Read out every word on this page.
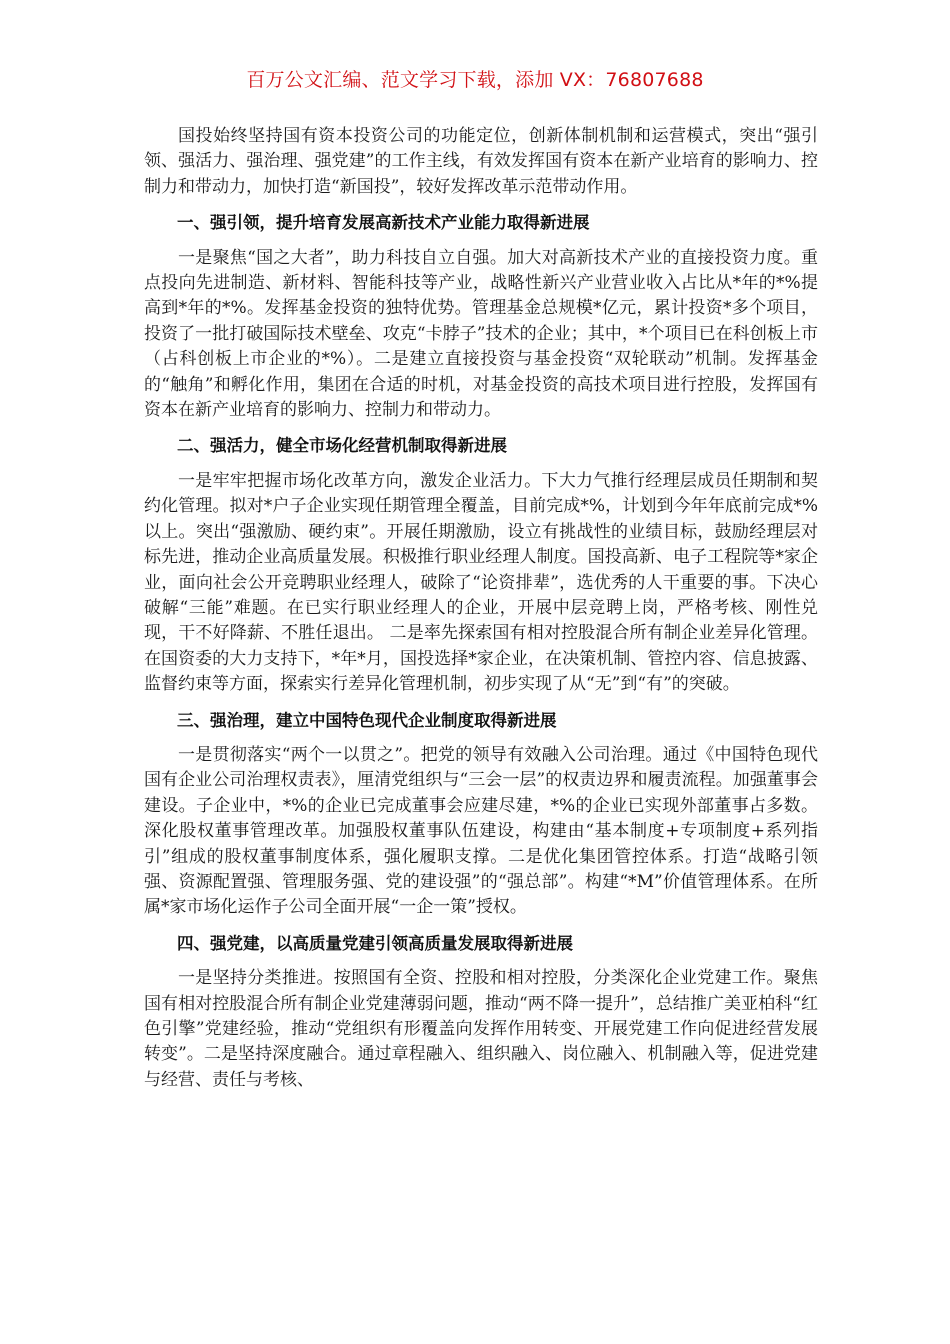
百万公文汇编、范文学习下载，添加 VX：76807688

国投始终坚持国有资本投资公司的功能定位，创新体制机制和运营模式，突出“强引领、强活力、强治理、强党建”的工作主线，有效发挥国有资本在新产业培育的影响力、控制力和带动力，加快打造“新国投”，较好发挥改革示范带动作用。

一、强引领，提升培育发展高新技术产业能力取得新进展

一是聚焦“国之大者”，助力科技自立自强。加大对高新技术产业的直接投资力度。重点投向先进制造、新材料、智能科技等产业，战略性新兴产业营业收入占比从*年的*%提高到*年的*%。发挥基金投资的独特优势。管理基金总规模*亿元，累计投资*多个项目，投资了一批打破国际技术壁垒、攻克“卡脖子”技术的企业；其中，*个项目已在科创板上市（占科创板上市企业的*%）。二是建立直接投资与基金投资“双轮联动”机制。发挥基金的“触角”和孵化作用，集团在合适的时机，对基金投资的高技术项目进行控股，发挥国有资本在新产业培育的影响力、控制力和带动力。

二、强活力，健全市场化经营机制取得新进展

一是牢牢把握市场化改革方向，激发企业活力。下大力气推行经理层成员任期制和契约化管理。拟对*户子企业实现任期管理全覆盖，目前完成*%，计划到今年年底前完成*%以上。突出“强激励、硬约束”。开展任期激励，设立有挑战性的业绩目标，鼓励经理层对标先进，推动企业高质量发展。积极推行职业经理人制度。国投高新、电子工程院等*家企业，面向社会公开竞聘职业经理人，破除了“论资排辈”，选优秀的人干重要的事。下决心破解“三能”难题。在已实行职业经理人的企业，开展中层竞聘上岗，严格考核、刚性兑现，干不好降薪、不胜任退出。 二是率先探索国有相对控股混合所有制企业差异化管理。在国资委的大力支持下，*年*月，国投选择*家企业，在决策机制、管控内容、信息披露、监督约束等方面，探索实行差异化管理机制，初步实现了从“无”到“有”的突破。

三、强治理，建立中国特色现代企业制度取得新进展

一是贯彻落实“两个一以贯之”。把党的领导有效融入公司治理。通过《中国特色现代国有企业公司治理权责表》，厘清党组织与“三会一层”的权责边界和履责流程。加强董事会建设。子企业中，*%的企业已完成董事会应建尽建，*%的企业已实现外部董事占多数。深化股权董事管理改革。加强股权董事队伍建设，构建由“基本制度+专项制度+系列指引”组成的股权董事制度体系，强化履职支撑。二是优化集团管控体系。打造“战略引领强、资源配置强、管理服务强、党的建设强”的“强总部”。构建“*M”价值管理体系。在所属*家市场化运作子公司全面开展“一企一策”授权。

四、强党建，以高质量党建引领高质量发展取得新进展

一是坚持分类推进。按照国有全资、控股和相对控股，分类深化企业党建工作。聚焦国有相对控股混合所有制企业党建薄弱问题，推动“两不降一提升”，总结推广美亚柏科“红色引擎”党建经验，推动“党组织有形覆盖向发挥作用转变、开展党建工作向促进经营发展转变”。二是坚持深度融合。通过章程融入、组织融入、岗位融入、机制融入等，促进党建与经营、责任与考核、
